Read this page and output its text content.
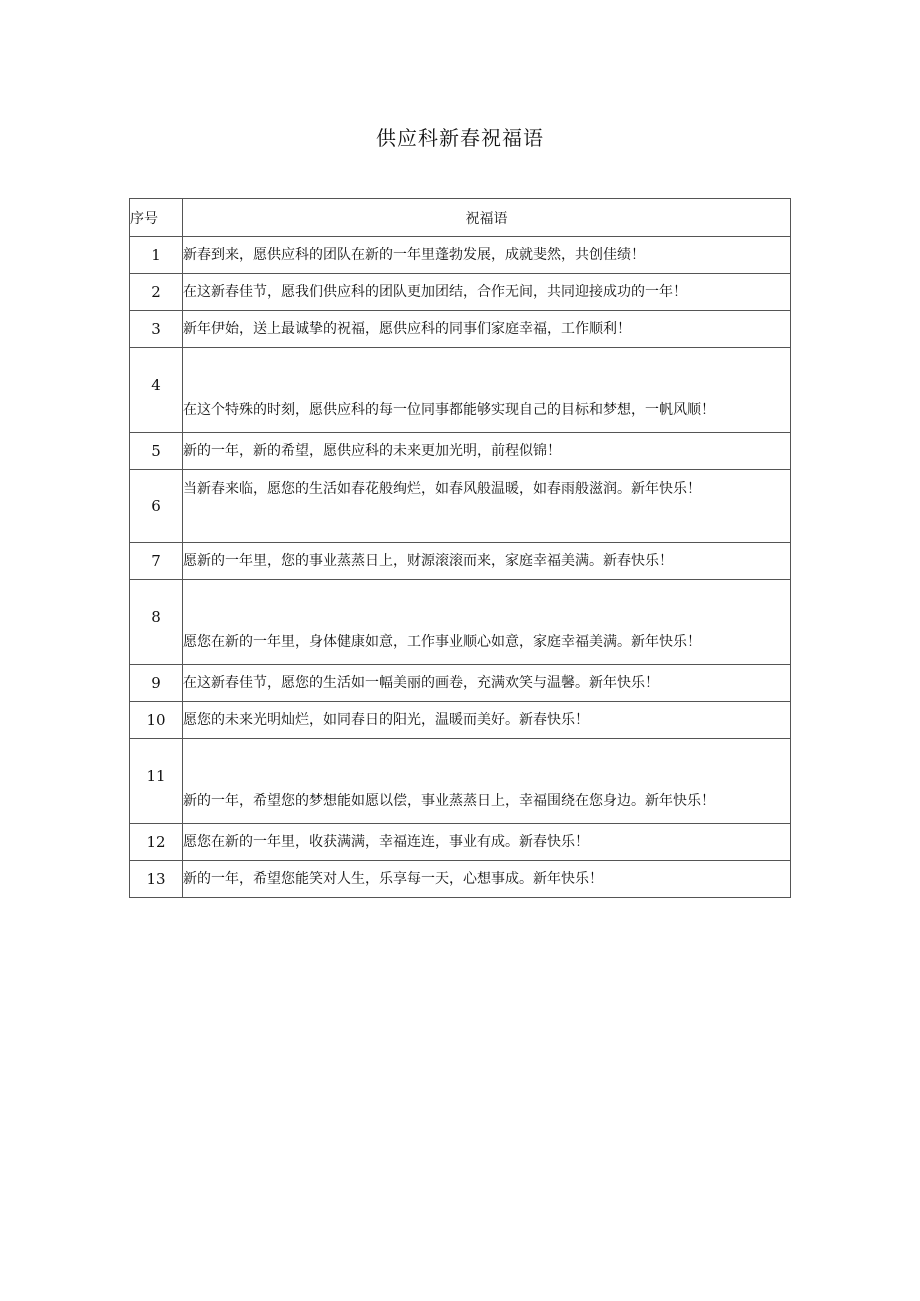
供应科新春祝福语
序号	祝福语
1	新春到来，愿供应科的团队在新的一年里蓬勃发展，成就斐然，共创佳绩！
2	在这新春佳节，愿我们供应科的团队更加团结，合作无间，共同迎接成功的一年！
3	新年伊始，送上最诚挚的祝福，愿供应科的同事们家庭幸福，工作顺利！

4	在这个特殊的时刻，愿供应科的每一位同事都能够实现自己的目标和梦想，一帆风顺！
5	新的一年，新的希望，愿供应科的未来更加光明，前程似锦！
6	当新春来临，愿您的生活如春花般绚烂，如春风般温暖，如春雨般滋润。新年快乐！
7	愿新的一年里，您的事业蒸蒸日上，财源滚滚而来，家庭幸福美满。新春快乐！

8	愿您在新的一年里，身体健康如意，工作事业顺心如意，家庭幸福美满。新年快乐！
9	在这新春佳节，愿您的生活如一幅美丽的画卷，充满欢笑与温馨。新年快乐！
10	愿您的未来光明灿烂，如同春日的阳光，温暖而美好。新春快乐！

11	新的一年，希望您的梦想能如愿以偿，事业蒸蒸日上，幸福围绕在您身边。新年快乐！
12	愿您在新的一年里，收获满满，幸福连连，事业有成。新春快乐！
13	新的一年，希望您能笑对人生，乐享每一天，心想事成。新年快乐！
